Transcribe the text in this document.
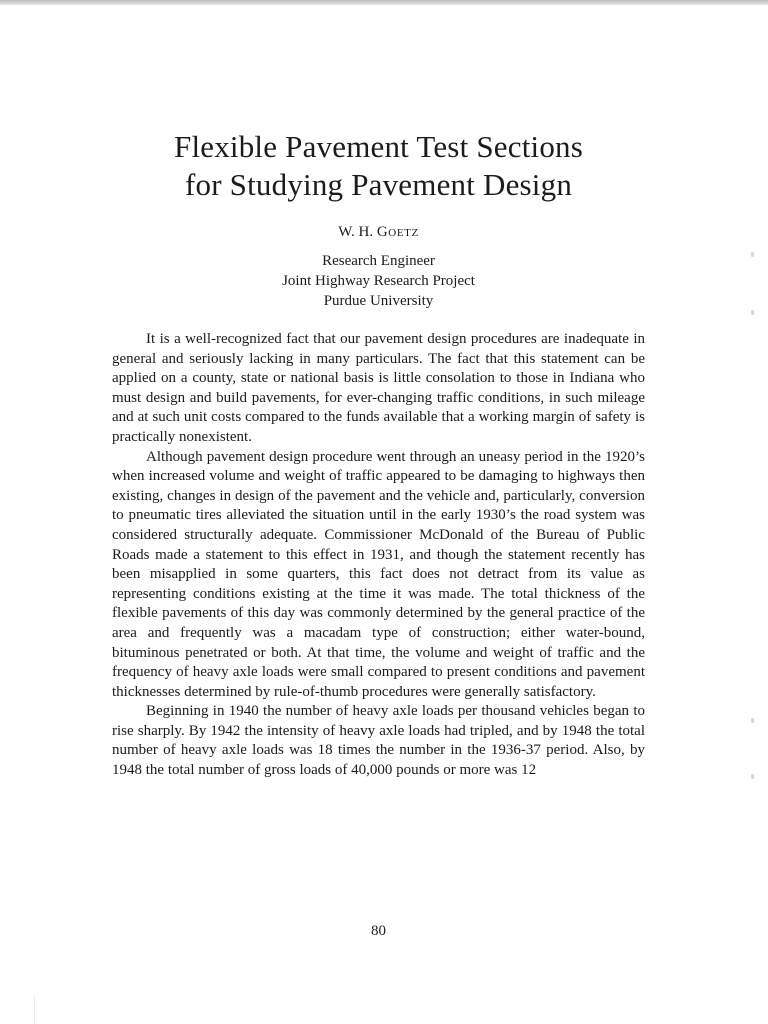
Flexible Pavement Test Sections
for Studying Pavement Design
W. H. Goetz
Research Engineer
Joint Highway Research Project
Purdue University

It is a well-recognized fact that our pavement design procedures are inadequate in general and seriously lacking in many particulars. The fact that this statement can be applied on a county, state or national basis is little consolation to those in Indiana who must design and build pavements, for ever-changing traffic conditions, in such mileage and at such unit costs compared to the funds available that a working margin of safety is practically nonexistent.

Although pavement design procedure went through an uneasy period in the 1920’s when increased volume and weight of traffic appeared to be damaging to highways then existing, changes in design of the pavement and the vehicle and, particularly, conversion to pneumatic tires alleviated the situation until in the early 1930’s the road system was considered structurally adequate. Commissioner McDonald of the Bureau of Public Roads made a statement to this effect in 1931, and though the statement recently has been misapplied in some quarters, this fact does not detract from its value as representing conditions existing at the time it was made. The total thickness of the flexible pavements of this day was commonly determined by the general practice of the area and frequently was a macadam type of construction; either water-bound, bituminous penetrated or both. At that time, the volume and weight of traffic and the frequency of heavy axle loads were small compared to present conditions and pavement thicknesses determined by rule-of-thumb procedures were generally satisfactory.

Beginning in 1940 the number of heavy axle loads per thousand vehicles began to rise sharply. By 1942 the intensity of heavy axle loads had tripled, and by 1948 the total number of heavy axle loads was 18 times the number in the 1936-37 period. Also, by 1948 the total number of gross loads of 40,000 pounds or more was 12

80
